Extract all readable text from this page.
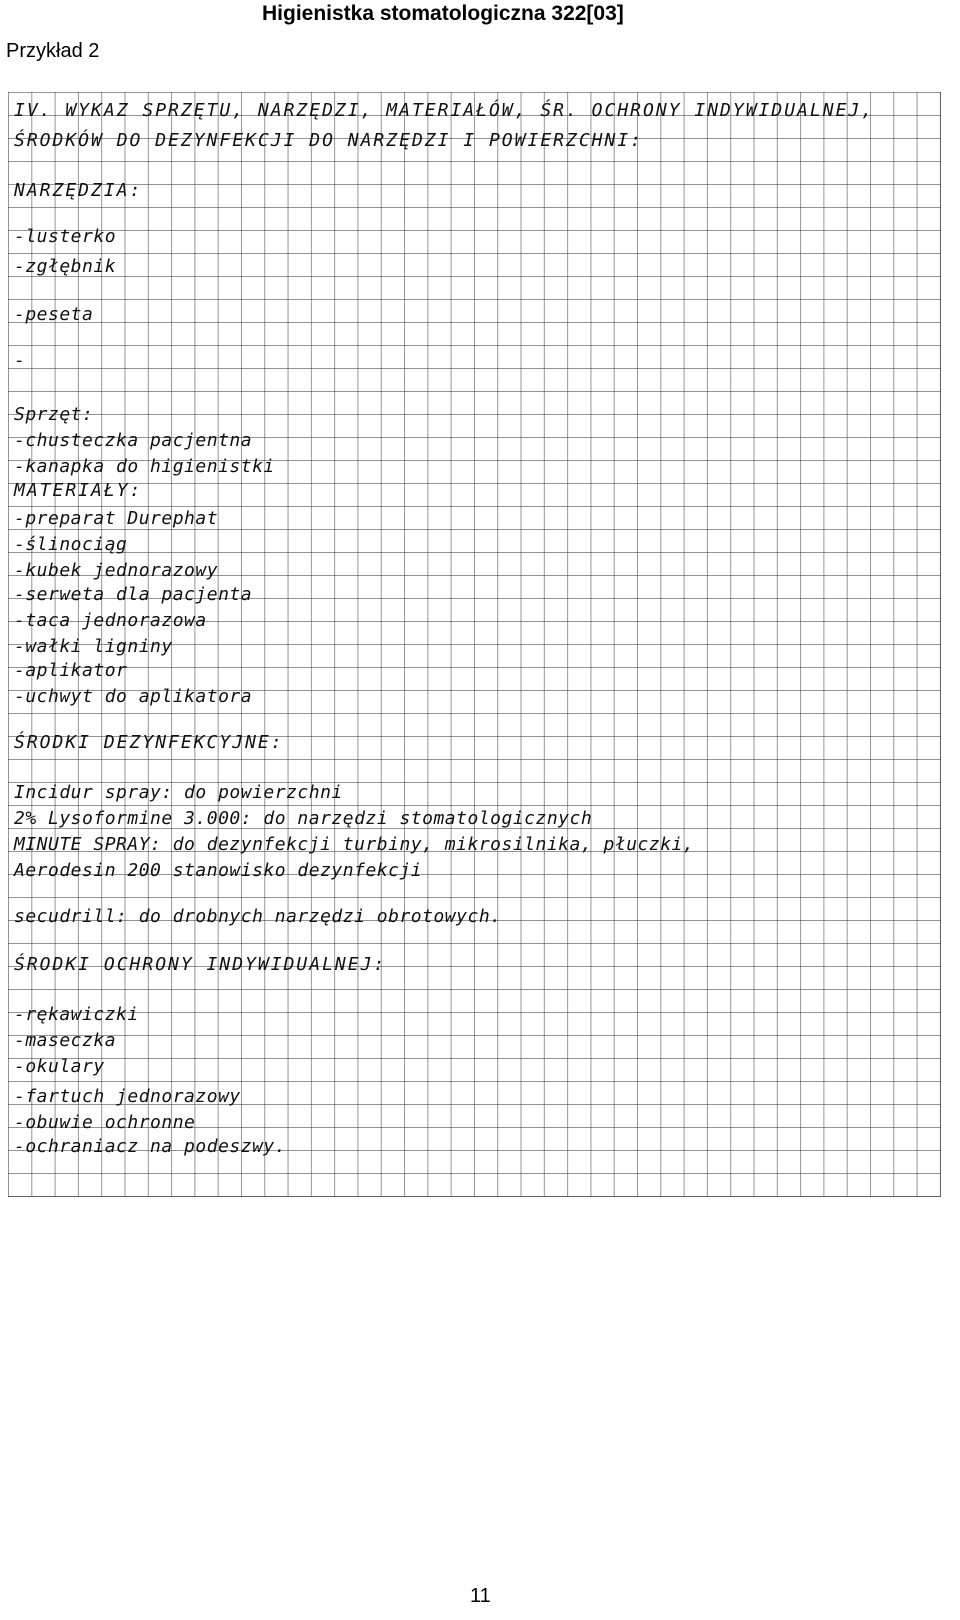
Higienistka stomatologiczna 322[03]
Przykład 2
IV. WYKAZ SPRZĘTU, NARZĘDZI, MATERIAŁÓW, ŚR. OCHRONY INDYWIDUALNEJ,
ŚRODKÓW DO DEZYNFEKCJI DO NARZĘDZI I POWIERZCHNI:
NARZĘDZIA:
-lusterko
-zgłębnik
-peseta
-
Sprzęt:
-chusteczka pacjentna
-kanapka do higienistki
MATERIAŁY:
-preparat Durephat
-ślinociąg
-kubek jednorazowy
-serweta dla pacjenta
-taca jednorazowa
-wałki ligniny
-aplikator
-uchwyt do aplikatora
ŚRODKI DEZYNFEKCYJNE:
Incidur spray: do powierzchni
2% Lysoformine 3.000: do narzędzi stomatologicznych
MINUTE SPRAY: do dezynfekcji turbiny, mikrosilnika, płuczki,
Aerodesin 200 stanowisko dezynfekcji
secudrill: do drobnych narzędzi obrotowych.
ŚRODKI OCHRONY INDYWIDUALNEJ:
-rękawiczki
-maseczka
-okulary
-fartuch jednorazowy
-obuwie ochronne
-ochraniacz na podeszwy.
11
